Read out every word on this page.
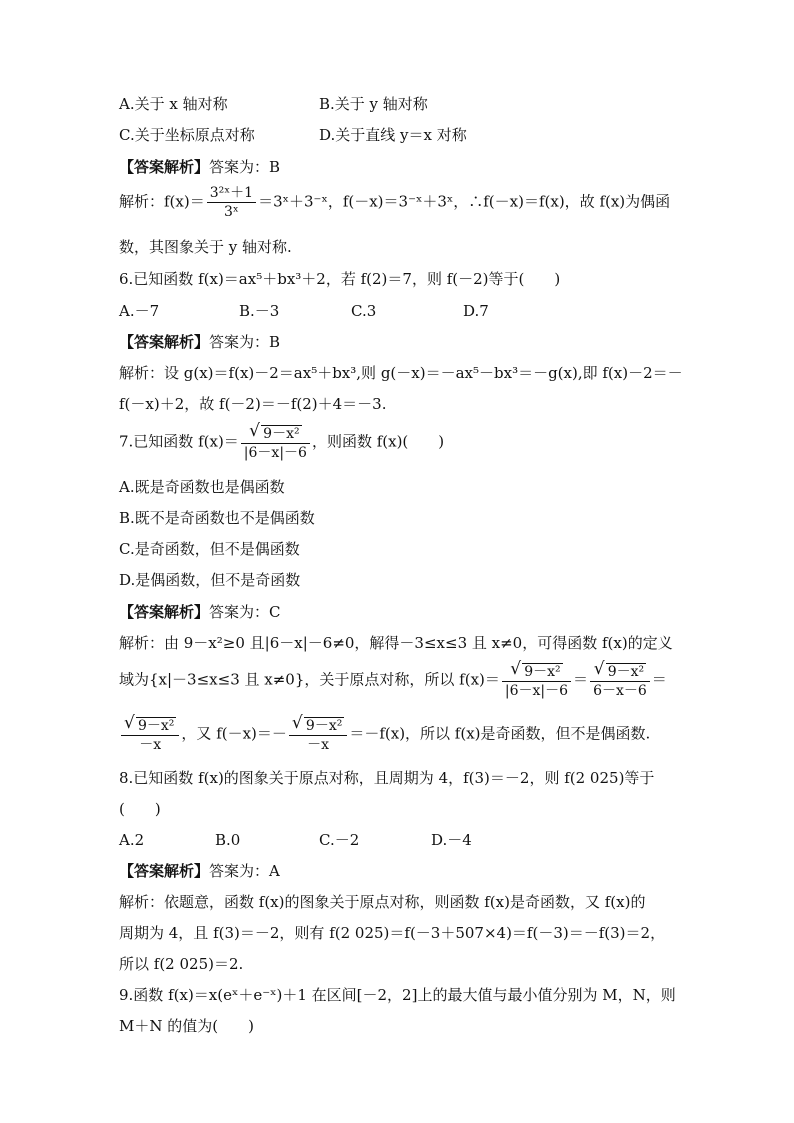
A.关于 x 轴对称	B.关于 y 轴对称
C.关于坐标原点对称	D.关于直线 y＝x 对称
【答案解析】答案为：B
解析：$f(x)= \frac{\text{3²ˣ＋1}}{\text{3ˣ}}$ ＝3ˣ＋3⁻ˣ，f(－x)＝3⁻ˣ＋3ˣ，∴f(－x)＝f(x)，故 f(x)为偶函
数，其图象关于 y 轴对称.
6.已知函数 f(x)＝ax⁵＋bx³＋2，若 f(2)＝7，则 f(－2)等于(　　)
A.－7	B.－3	C.3	D.7
【答案解析】答案为：B
解析：设 g(x)＝f(x)－2＝ax⁵＋bx³,则 g(－x)＝－ax⁵－bx³＝－g(x),即 f(x)－2＝－
f(－x)＋2，故 f(－2)＝－f(2)＋4＝－3.
7.已知函数 f(x)＝ √ $\frac{\text{9－x²}}{|6-x|-6}$ ，则函数 f(x)(　　)
A.既是奇函数也是偶函数
B.既不是奇函数也不是偶函数
C.是奇函数，但不是偶函数
D.是偶函数，但不是奇函数
【答案解析】答案为：C
解析：由 9－x²≥0 且|6－x|－6≠0，解得－3≤x≤3 且 x≠0，可得函数 f(x)的定义
域为{x|－3≤x≤3 且 x≠0}，关于原点对称，所以 f(x)＝ √ $\frac{\text{9－x²}}{|6-x|-6}$ ＝ √ $\frac{\text{9－x²}}{6-x-6}$ ＝
√ $\frac{\text{9－x²}}{-x}$ ，又 f(－x)＝－ √ $\frac{\text{9－x²}}{-x} =-f(x)$，所以 f(x)是奇函数，但不是偶函数.
8.已知函数 f(x)的图象关于原点对称，且周期为 4，f(3)＝－2，则 f(2 025)等于
(　　)
A.2	B.0	C.－2	D.－4
【答案解析】答案为：A
解析：依题意，函数 f(x)的图象关于原点对称，则函数 f(x)是奇函数，又 f(x)的
周期为 4，且 f(3)＝－2，则有 f(2 025)＝f(－3＋507×4)＝f(－3)＝－f(3)＝2，
所以 f(2 025)＝2.
9.函数 f(x)＝x(eˣ＋e⁻ˣ)＋1 在区间[－2，2]上的最大值与最小值分别为 M，N，则
M＋N 的值为(　　)
